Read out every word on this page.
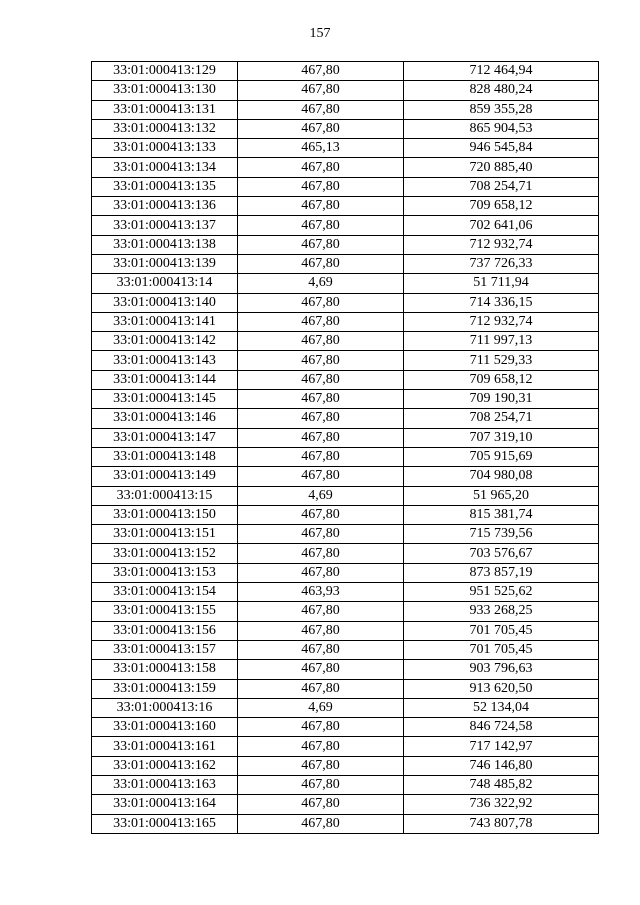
157
33:01:000413:129	467,80	712 464,94
33:01:000413:130	467,80	828 480,24
33:01:000413:131	467,80	859 355,28
33:01:000413:132	467,80	865 904,53
33:01:000413:133	465,13	946 545,84
33:01:000413:134	467,80	720 885,40
33:01:000413:135	467,80	708 254,71
33:01:000413:136	467,80	709 658,12
33:01:000413:137	467,80	702 641,06
33:01:000413:138	467,80	712 932,74
33:01:000413:139	467,80	737 726,33
33:01:000413:14	4,69	51 711,94
33:01:000413:140	467,80	714 336,15
33:01:000413:141	467,80	712 932,74
33:01:000413:142	467,80	711 997,13
33:01:000413:143	467,80	711 529,33
33:01:000413:144	467,80	709 658,12
33:01:000413:145	467,80	709 190,31
33:01:000413:146	467,80	708 254,71
33:01:000413:147	467,80	707 319,10
33:01:000413:148	467,80	705 915,69
33:01:000413:149	467,80	704 980,08
33:01:000413:15	4,69	51 965,20
33:01:000413:150	467,80	815 381,74
33:01:000413:151	467,80	715 739,56
33:01:000413:152	467,80	703 576,67
33:01:000413:153	467,80	873 857,19
33:01:000413:154	463,93	951 525,62
33:01:000413:155	467,80	933 268,25
33:01:000413:156	467,80	701 705,45
33:01:000413:157	467,80	701 705,45
33:01:000413:158	467,80	903 796,63
33:01:000413:159	467,80	913 620,50
33:01:000413:16	4,69	52 134,04
33:01:000413:160	467,80	846 724,58
33:01:000413:161	467,80	717 142,97
33:01:000413:162	467,80	746 146,80
33:01:000413:163	467,80	748 485,82
33:01:000413:164	467,80	736 322,92
33:01:000413:165	467,80	743 807,78
